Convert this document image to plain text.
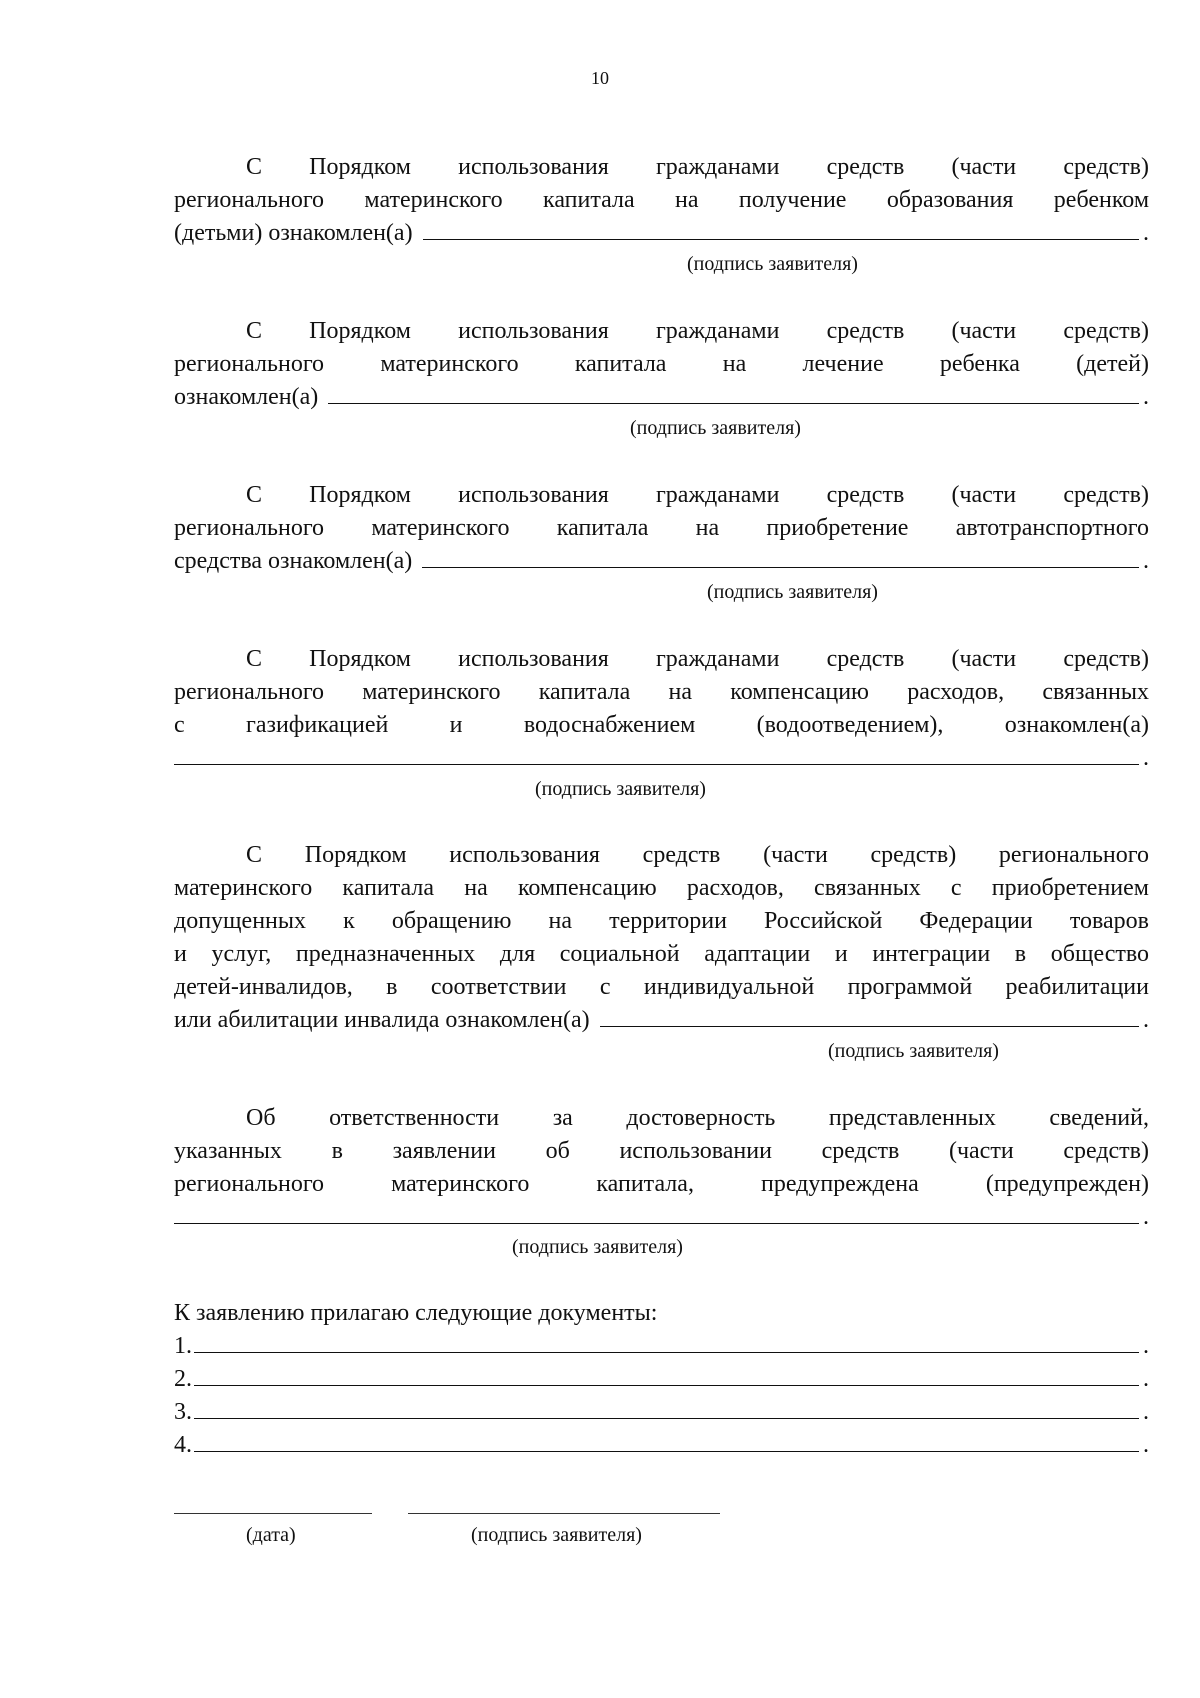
10
С Порядком использования гражданами средств (части средств)
регионального материнского капитала на получение образования ребенком
(детьми) ознакомлен(а)	.
(подпись заявителя)
С Порядком использования гражданами средств (части средств)
регионального материнского капитала на лечение ребенка (детей)
ознакомлен(а)	.
(подпись заявителя)
С Порядком использования гражданами средств (части средств)
регионального материнского капитала на приобретение автотранспортного
средства ознакомлен(а)	.
(подпись заявителя)
С Порядком использования гражданами средств (части средств)
регионального материнского капитала на компенсацию расходов, связанных
с газификацией и водоснабжением (водоотведением), ознакомлен(а)
.
(подпись заявителя)
С Порядком использования средств (части средств) регионального
материнского капитала на компенсацию расходов, связанных с приобретением
допущенных к обращению на территории Российской Федерации товаров
и услуг, предназначенных для социальной адаптации и интеграции в общество
детей-инвалидов, в соответствии с индивидуальной программой реабилитации
или абилитации инвалида ознакомлен(а)	.
(подпись заявителя)
Об ответственности за достоверность представленных сведений,
указанных в заявлении об использовании средств (части средств)
регионального материнского капитала, предупреждена (предупрежден)
.
(подпись заявителя)
К заявлению прилагаю следующие документы:
1.	.
2.	.
3.	.
4.	.
(дата)	(подпись заявителя)
